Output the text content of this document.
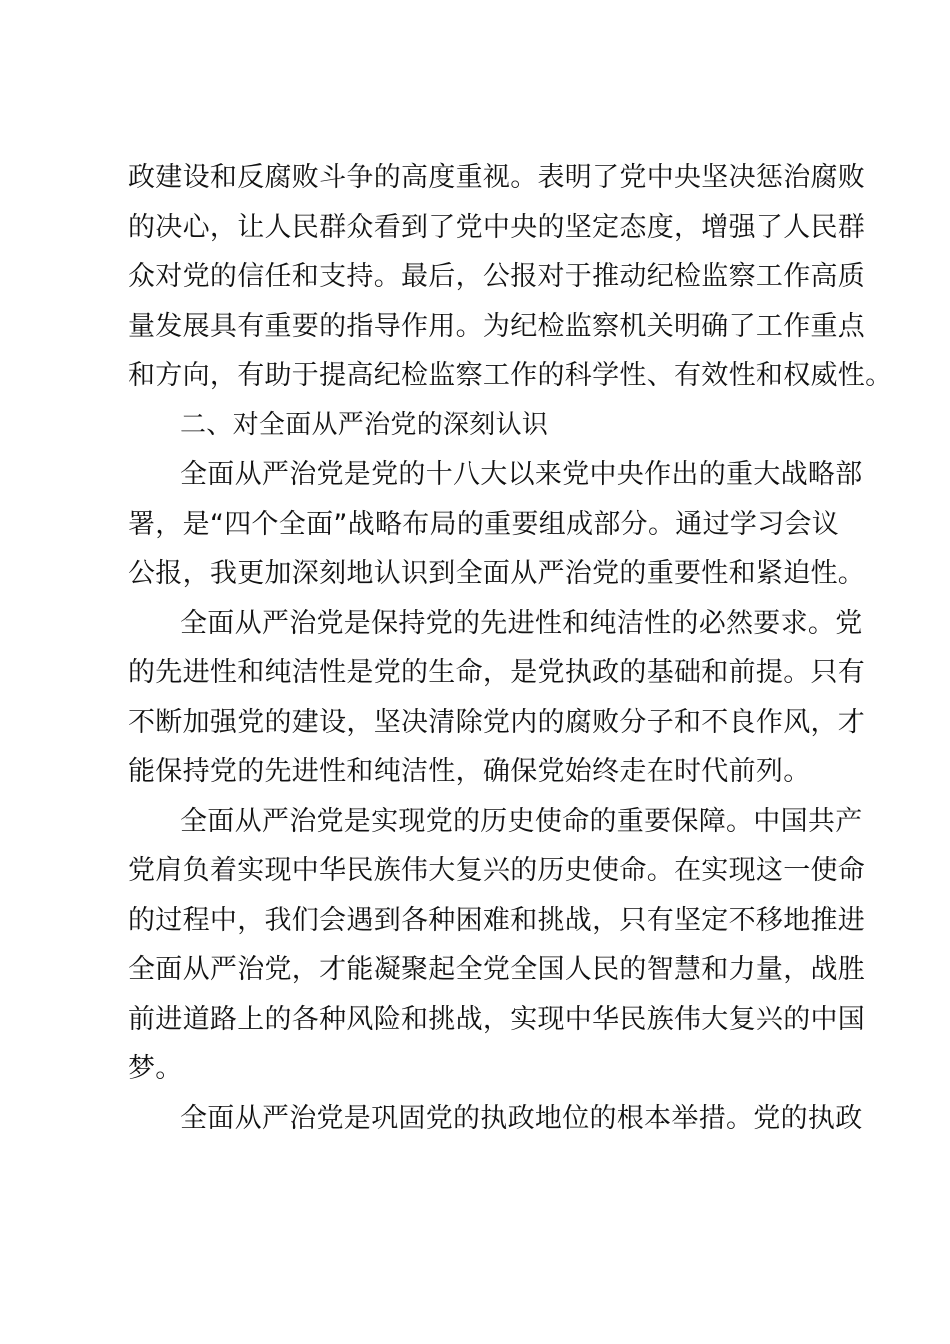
政建设和反腐败斗争的高度重视。表明了党中央坚决惩治腐败
的决心，让人民群众看到了党中央的坚定态度，增强了人民群
众对党的信任和支持。最后，公报对于推动纪检监察工作高质
量发展具有重要的指导作用。为纪检监察机关明确了工作重点
和方向，有助于提高纪检监察工作的科学性、有效性和权威性。
二、对全面从严治党的深刻认识
全面从严治党是党的十八大以来党中央作出的重大战略部
署，是“四个全面”战略布局的重要组成部分。通过学习会议
公报，我更加深刻地认识到全面从严治党的重要性和紧迫性。
全面从严治党是保持党的先进性和纯洁性的必然要求。党
的先进性和纯洁性是党的生命，是党执政的基础和前提。只有
不断加强党的建设，坚决清除党内的腐败分子和不良作风，才
能保持党的先进性和纯洁性，确保党始终走在时代前列。
全面从严治党是实现党的历史使命的重要保障。中国共产
党肩负着实现中华民族伟大复兴的历史使命。在实现这一使命
的过程中，我们会遇到各种困难和挑战，只有坚定不移地推进
全面从严治党，才能凝聚起全党全国人民的智慧和力量，战胜
前进道路上的各种风险和挑战，实现中华民族伟大复兴的中国
梦。
全面从严治党是巩固党的执政地位的根本举措。党的执政
